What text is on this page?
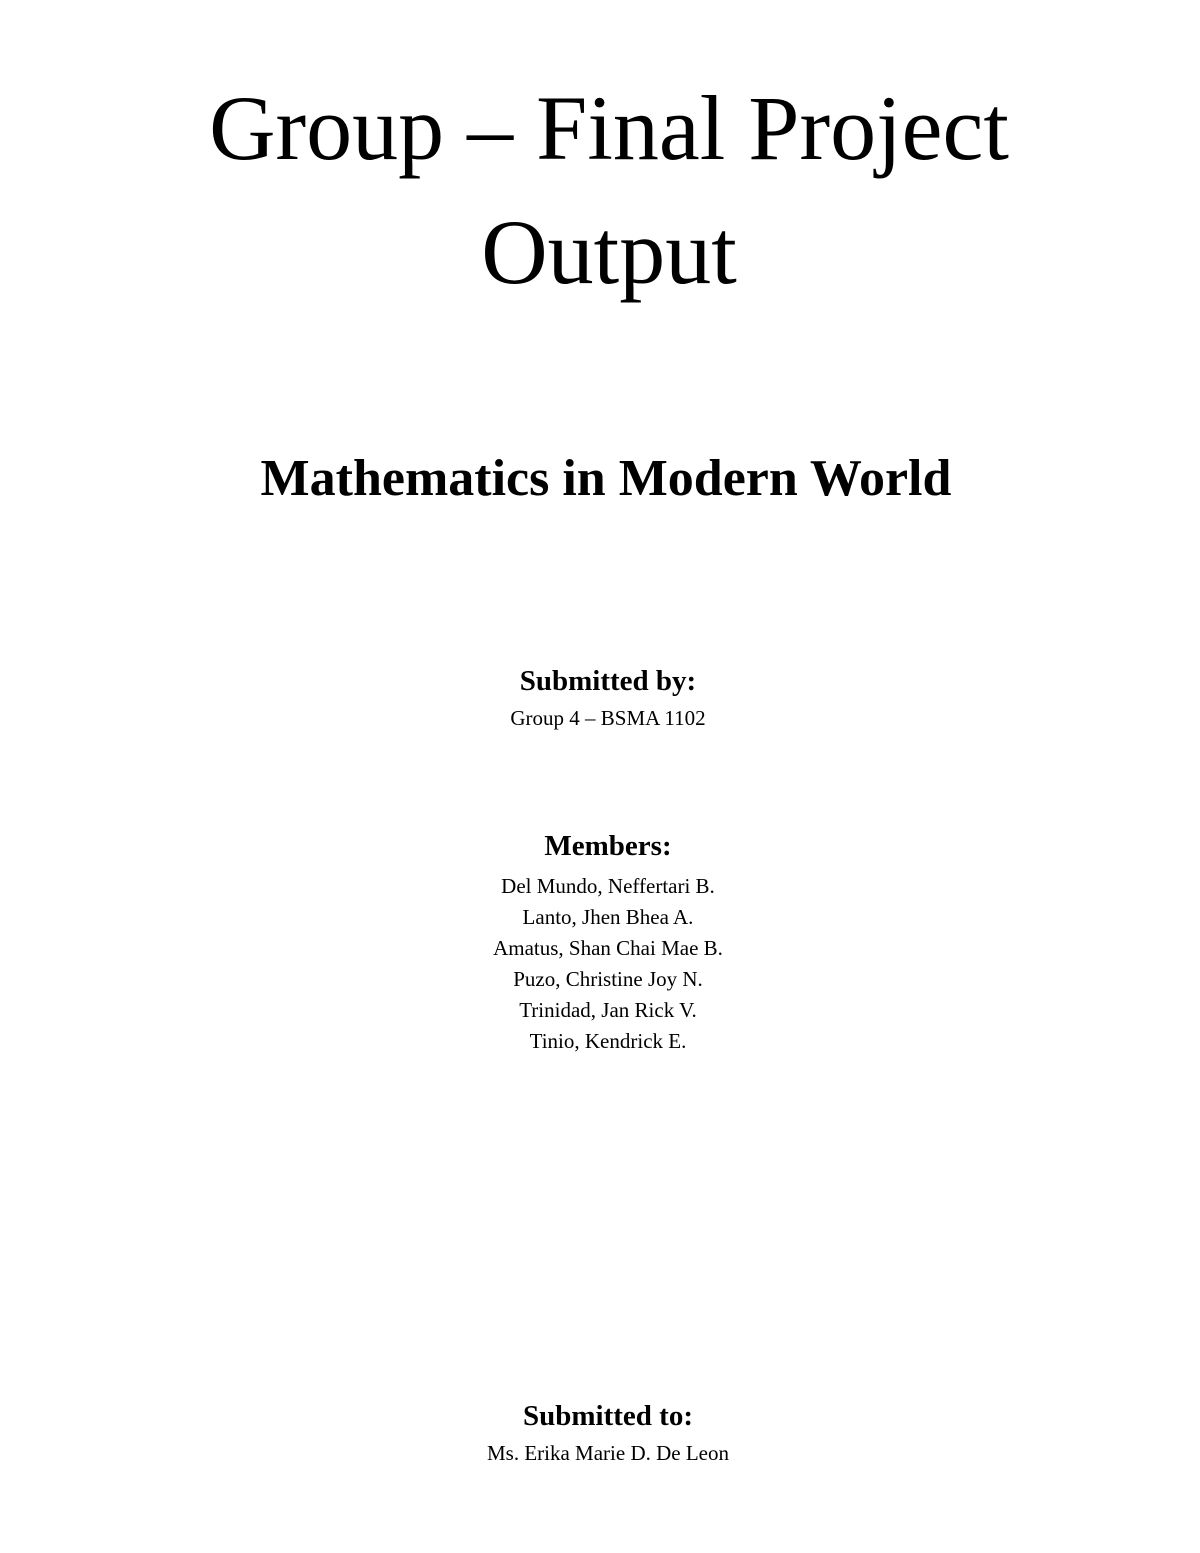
Group – Final Project
Output
Mathematics in Modern World

Submitted by:

Group 4 – BSMA 1102

Members:

Del Mundo, Neffertari B.
Lanto, Jhen Bhea A.
Amatus, Shan Chai Mae B.
Puzo, Christine Joy N.
Trinidad, Jan Rick V.
Tinio, Kendrick E.

Submitted to:

Ms. Erika Marie D. De Leon
